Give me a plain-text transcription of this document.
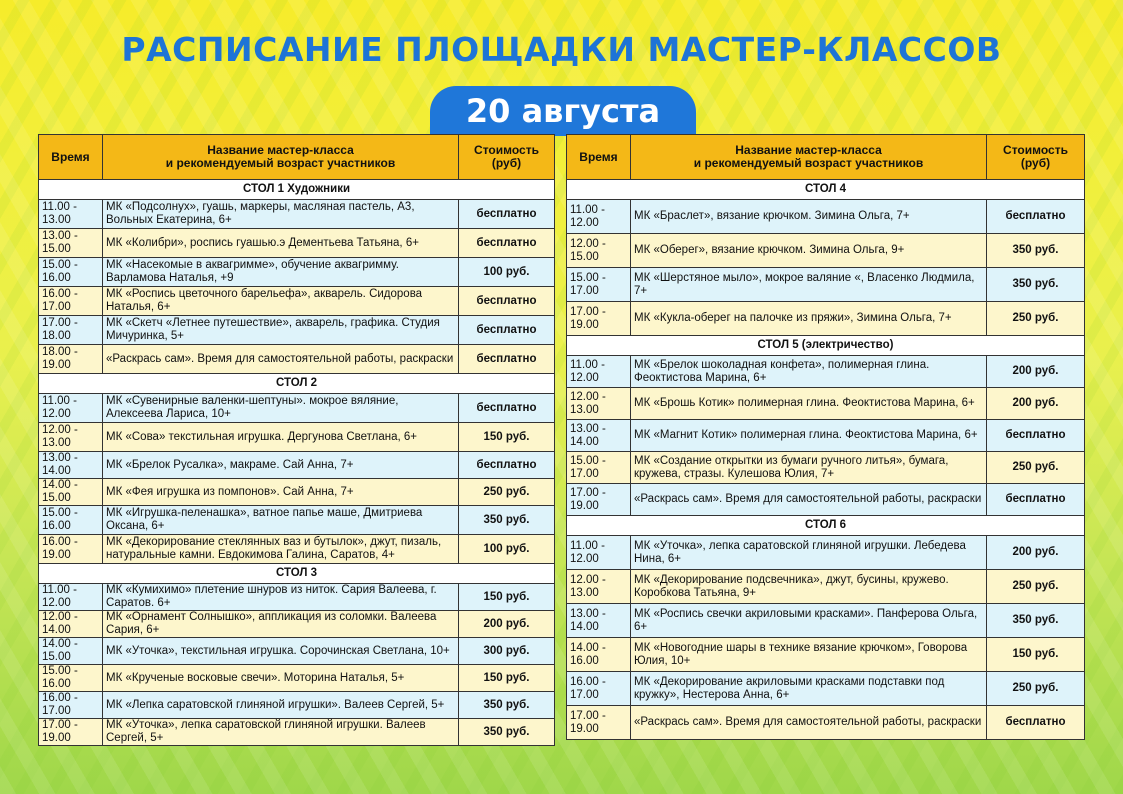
РАСПИСАНИЕ ПЛОЩАДКИ МАСТЕР-КЛАССОВ
20 августа
Время	Название мастер-класса
и рекомендуемый возраст участников	Стоимость
(руб)
СТОЛ 1 Художники		
11.00 -
13.00	МК «Подсолнух», гуашь, маркеры, масляная пастель, А3, Вольных Екатерина, 6+	бесплатно
13.00 -
15.00	МК «Колибри», роспись гуашью.э Дементьева Татьяна, 6+	бесплатно
15.00 -
16.00	МК «Насекомые в аквагримме», обучение аквагримму. Варламова Наталья, +9	100 руб.
16.00 -
17.00	МК «Роспись цветочного барельефа», акварель. Сидорова Наталья, 6+	бесплатно
17.00 -
18.00	МК «Скетч «Летнее путешествие», акварель, графика. Студия Мичуринка, 5+	бесплатно
18.00 -
19.00	«Раскрась сам». Время для самостоятельной работы, раскраски	бесплатно
СТОЛ 2		
11.00 -
12.00	МК «Сувенирные валенки-шептуны». мокрое вяляние, Алексеева Лариса, 10+	бесплатно
12.00 -
13.00	МК «Сова» текстильная игрушка. Дергунова Светлана, 6+	150 руб.
13.00 -
14.00	МК «Брелок Русалка», макраме. Сай Анна, 7+	бесплатно
14.00 -
15.00	МК «Фея игрушка из помпонов». Сай Анна, 7+	250 руб.
15.00 -
16.00	МК «Игрушка-пеленашка», ватное папье маше, Дмитриева Оксана, 6+	350 руб.
16.00 -
19.00	МК «Декорирование стеклянных ваз и бутылок», джут, пизаль, натуральные камни. Евдокимова Галина, Саратов, 4+	100 руб.
СТОЛ 3		
11.00 -
12.00	МК «Кумихимо» плетение шнуров из ниток. Сария Валеева, г. Саратов. 6+	150 руб.
12.00 -
14.00	МК «Орнамент Солнышко», аппликация из соломки. Валеева Сария, 6+	200 руб.
14.00 -
15.00	МК «Уточка», текстильная игрушка. Сорочинская Светлана, 10+	300 руб.
15.00 -
16.00	МК «Крученые восковые свечи». Моторина Наталья, 5+	150 руб.
16.00 -
17.00	МК «Лепка саратовской глиняной игрушки». Валеев Сергей, 5+	350 руб.
17.00 -
19.00	МК «Уточка», лепка саратовской глиняной игрушки. Валеев Сергей, 5+	350 руб.
Время	Название мастер-класса
и рекомендуемый возраст участников	Стоимость
(руб)
СТОЛ 4		
11.00 -
12.00	МК «Браслет», вязание крючком. Зимина Ольга, 7+	бесплатно
12.00 -
15.00	МК «Оберег», вязание крючком. Зимина Ольга, 9+	350 руб.
15.00 -
17.00	МК «Шерстяное мыло», мокрое валяние «, Власенко Людмила, 7+	350 руб.
17.00 -
19.00	МК «Кукла-оберег на палочке из пряжи», Зимина Ольга, 7+	250 руб.
СТОЛ 5 (электричество)		
11.00 -
12.00	МК «Брелок шоколадная конфета», полимерная глина. Феоктистова Марина, 6+	200 руб.
12.00 -
13.00	МК «Брошь Котик» полимерная глина. Феоктистова Марина, 6+	200 руб.
13.00 -
14.00	МК «Магнит Котик» полимерная глина. Феоктистова Марина, 6+	бесплатно
15.00 -
17.00	МК «Создание открытки из бумаги ручного литья», бумага, кружева, стразы. Кулешова Юлия, 7+	250 руб.
17.00 -
19.00	«Раскрась сам». Время для самостоятельной работы, раскраски	бесплатно
СТОЛ 6		
11.00 -
12.00	МК «Уточка», лепка саратовской глиняной игрушки. Лебедева Нина, 6+	200 руб.
12.00 -
13.00	МК «Декорирование подсвечника», джут, бусины, кружево. Коробкова Татьяна, 9+	250 руб.
13.00 -
14.00	МК «Роспись свечки акриловыми красками». Панферова Ольга, 6+	350 руб.
14.00 -
16.00	МК «Новогодние шары в технике вязание крючком», Говорова Юлия, 10+	150 руб.
16.00 -
17.00	МК «Декорирование акриловыми красками подставки под кружку», Нестерова Анна, 6+	250 руб.
17.00 -
19.00	«Раскрась сам». Время для самостоятельной работы, раскраски	бесплатно
